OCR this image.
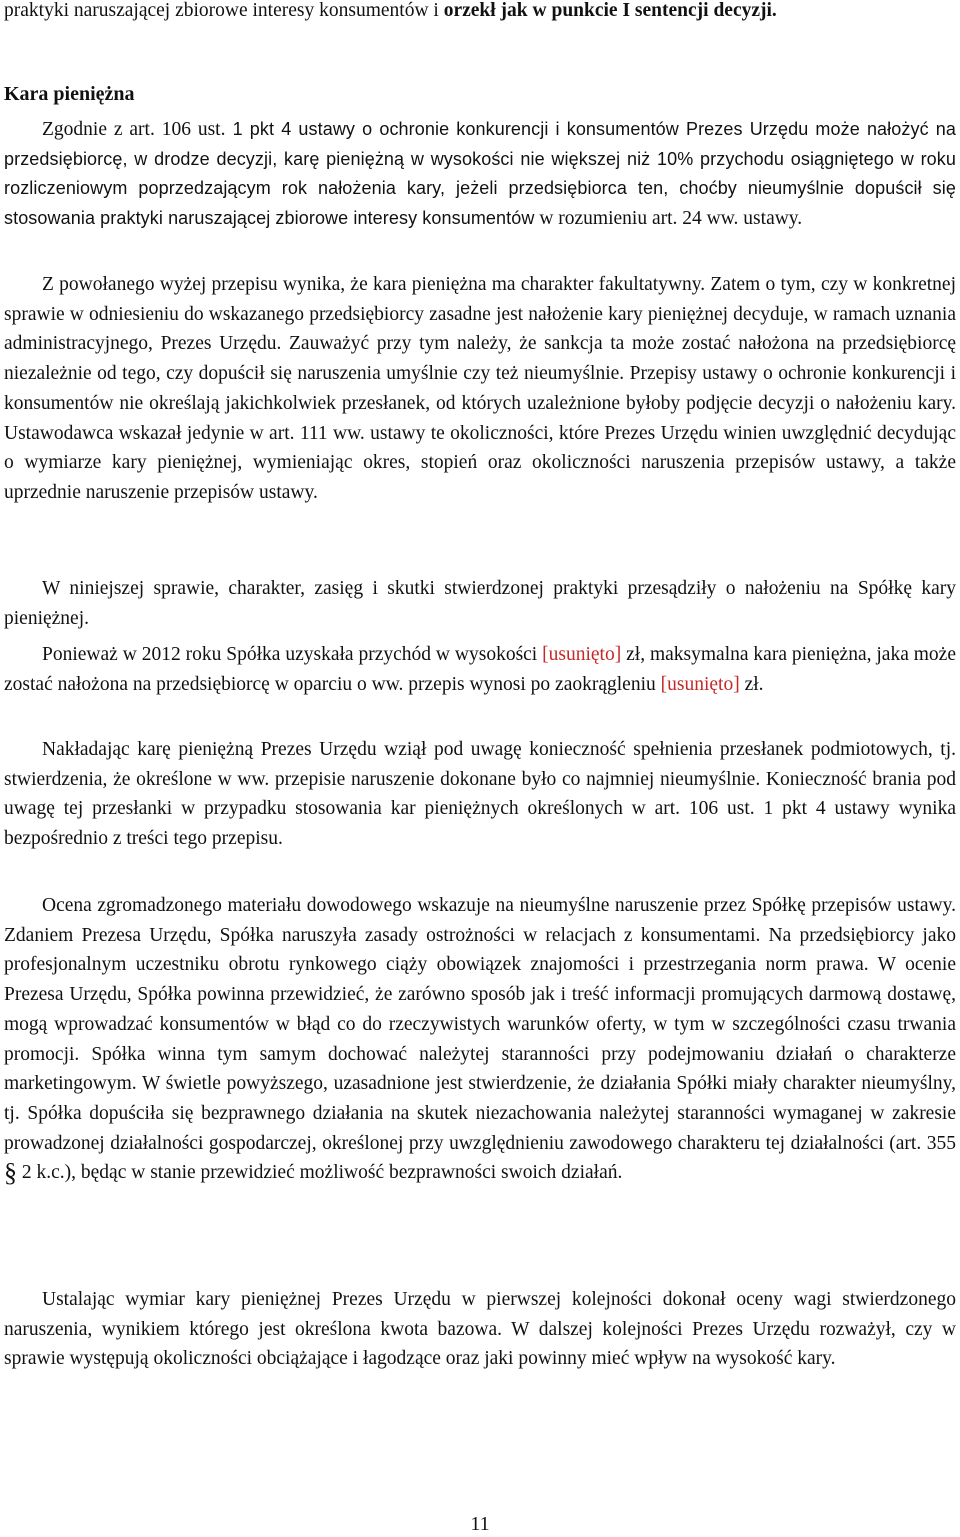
praktyki naruszającej zbiorowe interesy konsumentów i orzekł jak w punkcie I sentencji decyzji.

Kara pieniężna

Zgodnie z art. 106 ust. 1 pkt 4 ustawy o ochronie konkurencji i konsumentów Prezes Urzędu może nałożyć na przedsiębiorcę, w drodze decyzji, karę pieniężną w wysokości nie większej niż 10% przychodu osiągniętego w roku rozliczeniowym poprzedzającym rok nałożenia kary, jeżeli przedsiębiorca ten, choćby nieumyślnie dopuścił się stosowania praktyki naruszającej zbiorowe interesy konsumentów w rozumieniu art. 24 ww. ustawy.

Z powołanego wyżej przepisu wynika, że kara pieniężna ma charakter fakultatywny. Zatem o tym, czy w konkretnej sprawie w odniesieniu do wskazanego przedsiębiorcy zasadne jest nałożenie kary pieniężnej decyduje, w ramach uznania administracyjnego, Prezes Urzędu. Zauważyć przy tym należy, że sankcja ta może zostać nałożona na przedsiębiorcę niezależnie od tego, czy dopuścił się naruszenia umyślnie czy też nieumyślnie. Przepisy ustawy o ochronie konkurencji i konsumentów nie określają jakichkolwiek przesłanek, od których uzależnione byłoby podjęcie decyzji o nałożeniu kary. Ustawodawca wskazał jedynie w art. 111 ww. ustawy te okoliczności, które Prezes Urzędu winien uwzględnić decydując o wymiarze kary pieniężnej, wymieniając okres, stopień oraz okoliczności naruszenia przepisów ustawy, a także uprzednie naruszenie przepisów ustawy.

W niniejszej sprawie, charakter, zasięg i skutki stwierdzonej praktyki przesądziły o nałożeniu na Spółkę kary pieniężnej.

Ponieważ w 2012 roku Spółka uzyskała przychód w wysokości [usunięto] zł, maksymalna kara pieniężna, jaka może zostać nałożona na przedsiębiorcę w oparciu o ww. przepis wynosi po zaokrągleniu [usunięto] zł.

Nakładając karę pieniężną Prezes Urzędu wziął pod uwagę konieczność spełnienia przesłanek podmiotowych, tj. stwierdzenia, że określone w ww. przepisie naruszenie dokonane było co najmniej nieumyślnie. Konieczność brania pod uwagę tej przesłanki w przypadku stosowania kar pieniężnych określonych w art. 106 ust. 1 pkt 4 ustawy wynika bezpośrednio z treści tego przepisu.

Ocena zgromadzonego materiału dowodowego wskazuje na nieumyślne naruszenie przez Spółkę przepisów ustawy. Zdaniem Prezesa Urzędu, Spółka naruszyła zasady ostrożności w relacjach z konsumentami. Na przedsiębiorcy jako profesjonalnym uczestniku obrotu rynkowego ciąży obowiązek znajomości i przestrzegania norm prawa. W ocenie Prezesa Urzędu, Spółka powinna przewidzieć, że zarówno sposób jak i treść informacji promujących darmową dostawę, mogą wprowadzać konsumentów w błąd co do rzeczywistych warunków oferty, w tym w szczególności czasu trwania promocji. Spółka winna tym samym dochować należytej staranności przy podejmowaniu działań o charakterze marketingowym. W świetle powyższego, uzasadnione jest stwierdzenie, że działania Spółki miały charakter nieumyślny, tj. Spółka dopuściła się bezprawnego działania na skutek niezachowania należytej staranności wymaganej w zakresie prowadzonej działalności gospodarczej, określonej przy uwzględnieniu zawodowego charakteru tej działalności (art. 355 § 2 k.c.), będąc w stanie przewidzieć możliwość bezprawności swoich działań.

Ustalając wymiar kary pieniężnej Prezes Urzędu w pierwszej kolejności dokonał oceny wagi stwierdzonego naruszenia, wynikiem którego jest określona kwota bazowa. W dalszej kolejności Prezes Urzędu rozważył, czy w sprawie występują okoliczności obciążające i łagodzące oraz jaki powinny mieć wpływ na wysokość kary.

11
